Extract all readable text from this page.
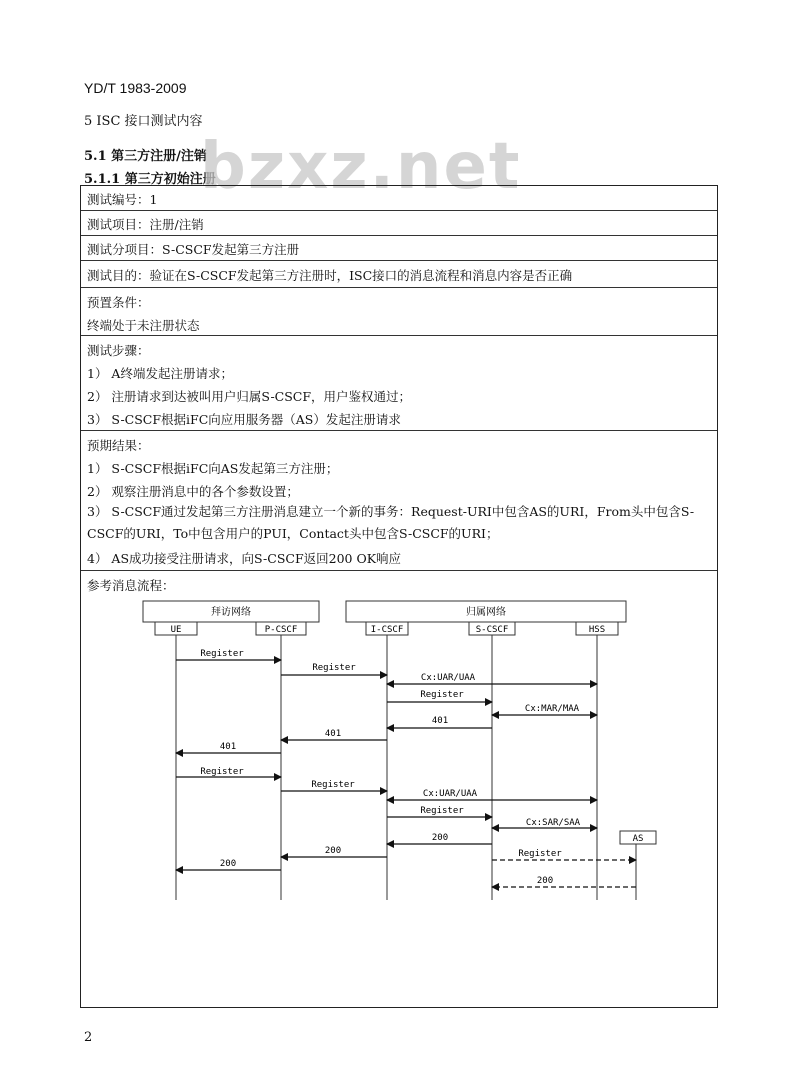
YD/T 1983-2009
5 ISC 接口测试内容
5.1 第三方注册/注销
5.1.1 第三方初始注册
bzxz.net
测试编号：1
测试项目：注册/注销
测试分项目：S-CSCF发起第三方注册
测试目的：验证在S-CSCF发起第三方注册时，ISC接口的消息流程和消息内容是否正确
预置条件：
终端处于未注册状态
测试步骤：
1） A终端发起注册请求；
2） 注册请求到达被叫用户归属S-CSCF，用户鉴权通过；
3） S-CSCF根据iFC向应用服务器（AS）发起注册请求
预期结果：
1） S-CSCF根据iFC向AS发起第三方注册；
2） 观察注册消息中的各个参数设置；
3） S-CSCF通过发起第三方注册消息建立一个新的事务：Request-URI中包含AS的URI，From头中包含S-CSCF的URI，To中包含用户的PUI，Contact头中包含S-CSCF的URI；
4） AS成功接受注册请求，向S-CSCF返回200 OK响应
参考消息流程：
拜访网络	归属网络
UE	P-CSCF	I-CSCF	S-CSCF	HSS
AS
Register
Register
Cx:UAR/UAA
Register
Cx:MAR/MAA
401
401
401
Register
Register
Cx:UAR/UAA
Register
Cx:SAR/SAA
200
Register
200
200
200
2
